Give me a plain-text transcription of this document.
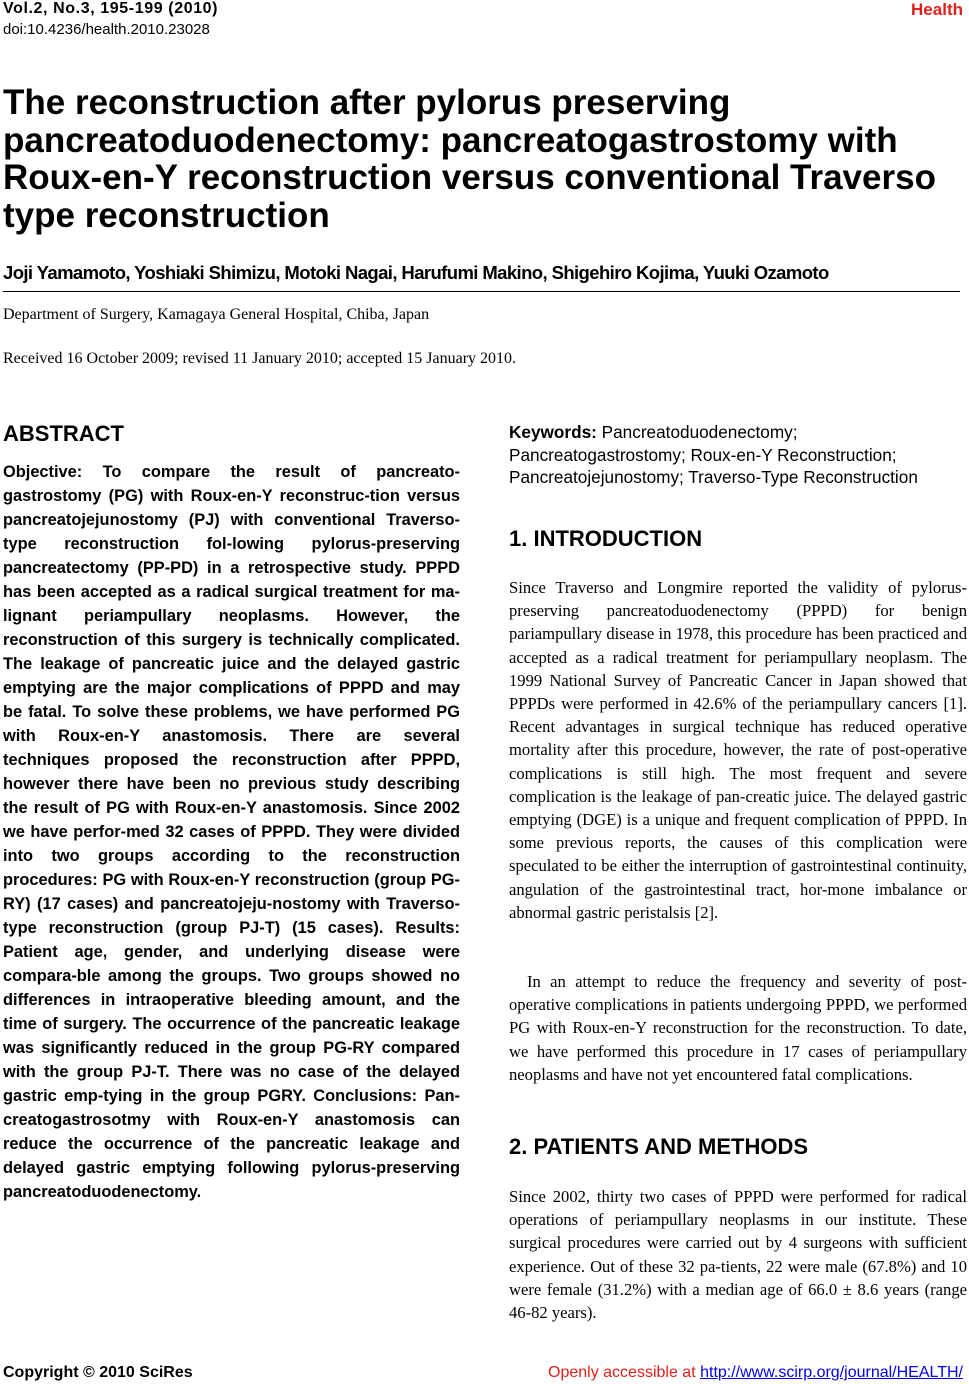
Vol.2, No.3, 195-199 (2010)	Health
doi:10.4236/health.2010.23028
The reconstruction after pylorus preserving pancreatoduodenectomy: pancreatogastrostomy with Roux-en-Y reconstruction versus conventional Traverso type reconstruction
Joji Yamamoto, Yoshiaki Shimizu, Motoki Nagai, Harufumi Makino, Shigehiro Kojima, Yuuki Ozamoto
Department of Surgery, Kamagaya General Hospital, Chiba, Japan
Received 16 October 2009; revised 11 January 2010; accepted 15 January 2010.
ABSTRACT

Objective: To compare the result of pancreato-gastrostomy (PG) with Roux-en-Y reconstruc-tion versus pancreatojejunostomy (PJ) with conventional Traverso-type reconstruction fol-lowing pylorus-preserving pancreatectomy (PP-PD) in a retrospective study. PPPD has been accepted as a radical surgical treatment for ma-lignant periampullary neoplasms. However, the reconstruction of this surgery is technically complicated. The leakage of pancreatic juice and the delayed gastric emptying are the major complications of PPPD and may be fatal. To solve these problems, we have performed PG with Roux-en-Y anastomosis. There are several techniques proposed the reconstruction after PPPD, however there have been no previous study describing the result of PG with Roux-en-Y anastomosis. Since 2002 we have perfor-med 32 cases of PPPD. They were divided into two groups according to the reconstruction procedures: PG with Roux-en-Y reconstruction (group PG-RY) (17 cases) and pancreatojeju-nostomy with Traverso-type reconstruction (group PJ-T) (15 cases). Results: Patient age, gender, and underlying disease were compara-ble among the groups. Two groups showed no differences in intraoperative bleeding amount, and the time of surgery. The occurrence of the pancreatic leakage was significantly reduced in the group PG-RY compared with the group PJ-T. There was no case of the delayed gastric emp-tying in the group PGRY. Conclusions: Pan-creatogastrosotmy with Roux-en-Y anastomosis can reduce the occurrence of the pancreatic leakage and delayed gastric emptying following pylorus-preserving pancreatoduodenectomy.

Keywords: Pancreatoduodenectomy; Pancreatogastrostomy; Roux-en-Y Reconstruction; Pancreatojejunostomy; Traverso-Type Reconstruction

1. INTRODUCTION

Since Traverso and Longmire reported the validity of pylorus-preserving pancreatoduodenectomy (PPPD) for benign pariampullary disease in 1978, this procedure has been practiced and accepted as a radical treatment for periampullary neoplasm. The 1999 National Survey of Pancreatic Cancer in Japan showed that PPPDs were performed in 42.6% of the periampullary cancers [1]. Recent advantages in surgical technique has reduced operative mortality after this procedure, however, the rate of post-operative complications is still high. The most frequent and severe complication is the leakage of pan-creatic juice. The delayed gastric emptying (DGE) is a unique and frequent complication of PPPD. In some previous reports, the causes of this complication were speculated to be either the interruption of gastrointestinal continuity, angulation of the gastrointestinal tract, hor-mone imbalance or abnormal gastric peristalsis [2].

In an attempt to reduce the frequency and severity of post-operative complications in patients undergoing PPPD, we performed PG with Roux-en-Y reconstruction for the reconstruction. To date, we have performed this procedure in 17 cases of periampullary neoplasms and have not yet encountered fatal complications.

2. PATIENTS AND METHODS

Since 2002, thirty two cases of PPPD were performed for radical operations of periampullary neoplasms in our institute. These surgical procedures were carried out by 4 surgeons with sufficient experience. Out of these 32 pa-tients, 22 were male (67.8%) and 10 were female (31.2%) with a median age of 66.0 ± 8.6 years (range 46-82 years).

Copyright © 2010 SciRes	Openly accessible at http://www.scirp.org/journal/HEALTH/
